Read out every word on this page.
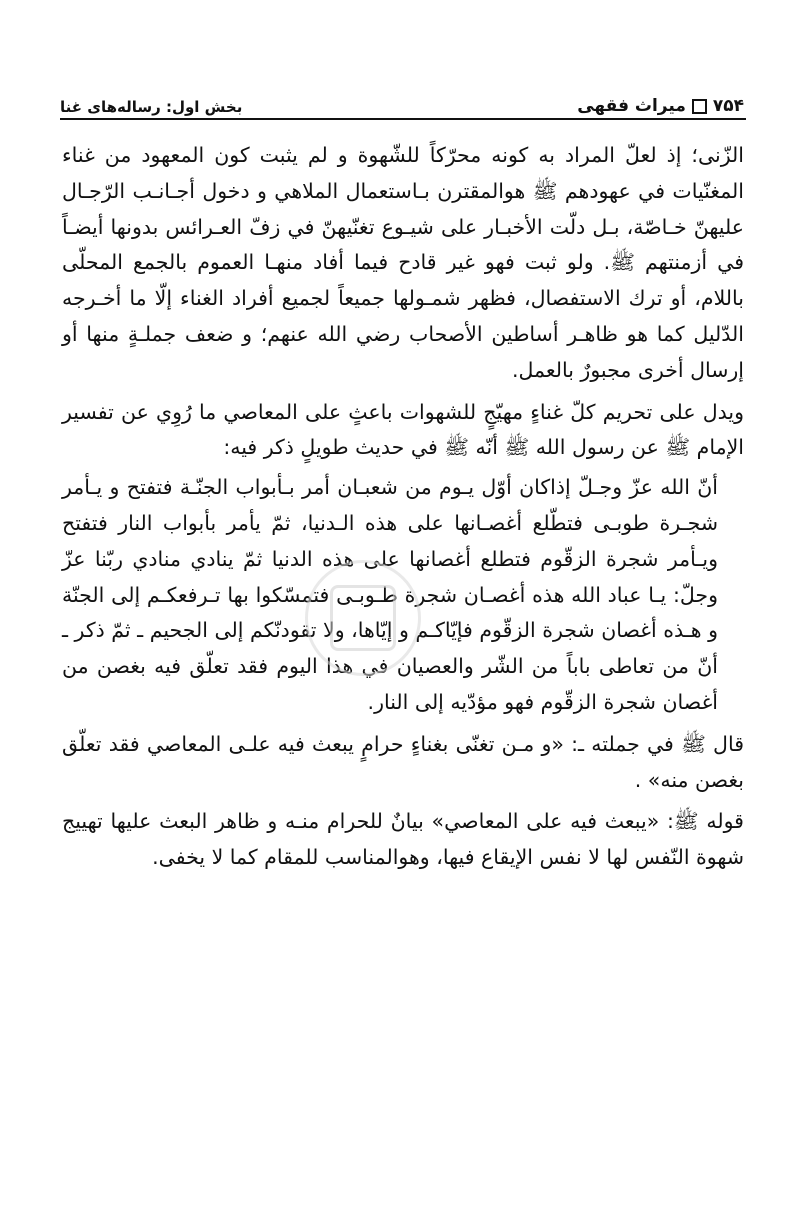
۷۵۴
میراث فقهی
بخش اول: رساله‌های غنا

الزّنى؛ إذ لعلّ المراد به كونه محرّكاً للشّهوة و لم يثبت كون المعهود من غناء المغنّيات في عهودهم ﷺ هوالمقترن بـاستعمال الملاهي و دخول أجـانـب الرّجـال عليهنّ خـاصّة، بـل دلّت الأخبـار على شيـوع تغنّيهنّ في زفّ العـرائس بدونها أيضـاً في أزمنتهم ﷺ. ولو ثبت فهو غير قادح فيما أفاد منهـا العموم بالجمع المحلّى باللام، أو ترك الاستفصال، فظهر شمـولها جميعاً لجميع أفراد الغناء إلّا ما أخـرجه الدّليل كما هو ظاهـر أساطين الأصحاب رضي الله عنهم؛ و ضعف جملـةٍ منها أو إرسال أخرى مجبورٌ بالعمل.

ويدل على تحريم كلّ غناءٍ مهيّجٍ للشهوات باعثٍ على المعاصي ما رُوِي عن تفسير الإمام ﷺ عن رسول الله ﷺ أنّه ﷺ في حديث طويلٍ ذكر فيه:

أنّ الله عزّ وجـلّ إذاكان أوّل يـوم من شعبـان أمر بـأبواب الجنّـة فتفتح و يـأمر شجـرة طوبـى فتطّلع أغصـانها على هذه الـدنيا، ثمّ يأمر بأبواب النار فتفتح ويـأمر شجرة الزقّوم فتطلع أغصانها على هذه الدنيا ثمّ ينادي منادي ربّنا عزّ وجلّ: يـا عباد الله هذه أغصـان شجرة طـوبـى فتمسّكوا بها تـرفعكـم إلى الجنّة و هـذه أغصان شجرة الزقّوم فإيّاكـم و إيّاها، ولا تقودنّكم إلى الجحيم ـ ثمّ ذكر ـ أنّ من تعاطى باباً من الشّر والعصيان في هذا اليوم فقد تعلّق فيه بغصن من أغصان شجرة الزقّوم فهو مؤدّيه إلى النار.

قال ﷺ في جملته ـ: «و مـن تغنّى بغناءٍ حرامٍ يبعث فيه علـى المعاصي فقد تعلّق بغصن منه» .

قوله ﷺ: «يبعث فيه على المعاصي» بيانٌ للحرام منـه و ظاهر البعث عليها تهييج شهوة النّفس لها لا نفس الإيقاع فيها، وهوالمناسب للمقام كما لا يخفى.
